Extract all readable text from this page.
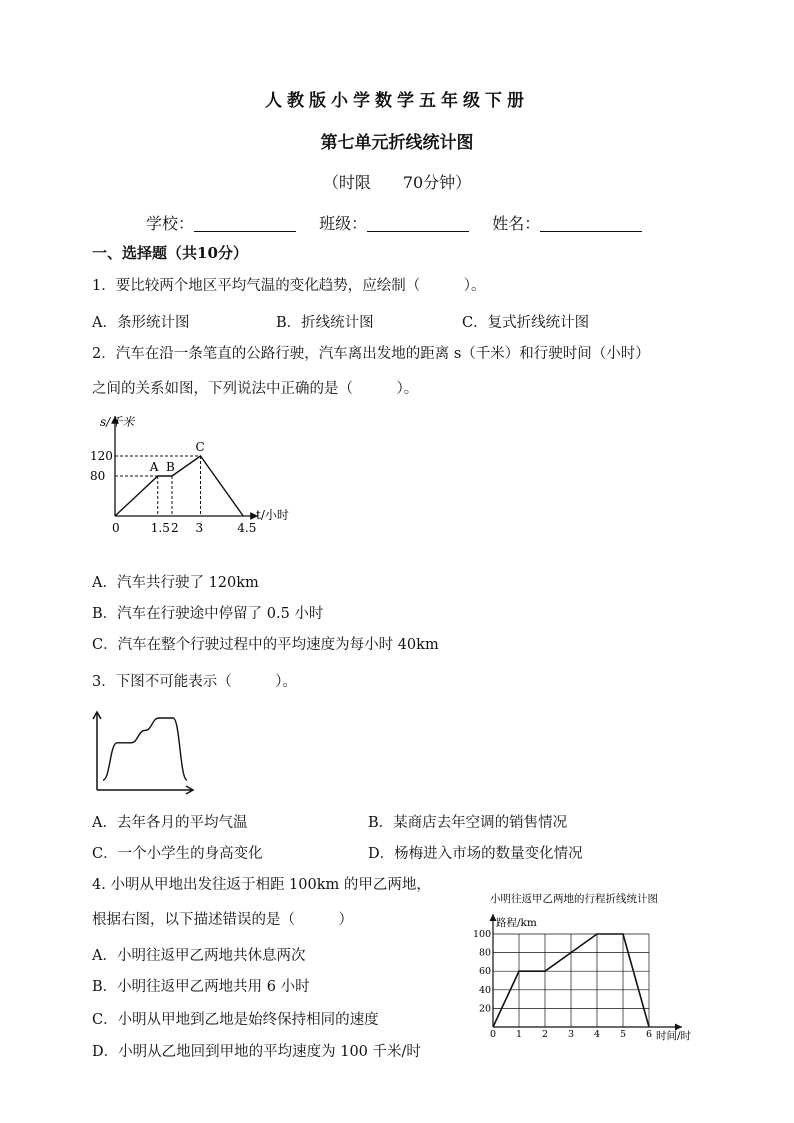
人教版小学数学五年级下册
第七单元折线统计图
（时限　　70分钟）
学校：	班级：	姓名：
一、选择题（共10分）
1．要比较两个地区平均气温的变化趋势，应绘制（　　　）。
A．条形统计图	B．折线统计图	C．复式折线统计图
2．汽车在沿一条笔直的公路行驶，汽车离出发地的距离 s（千米）和行驶时间（小时）
之间的关系如图，下列说法中正确的是（　　　）。
0	1.5 2 3	4.5
80
120
s/千米
t/小时
A B
C
A．汽车共行驶了 120km
B．汽车在行驶途中停留了 0.5 小时
C．汽车在整个行驶过程中的平均速度为每小时 40km
3．下图不可能表示（　　　）。
A．去年各月的平均气温	B．某商店去年空调的销售情况
C．一个小学生的身高变化	D．杨梅进入市场的数量变化情况
4. 小明从甲地出发往返于相距 100km 的甲乙两地，
根据右图，以下描述错误的是（　　　）
A．小明往返甲乙两地共休息两次
B．小明往返甲乙两地共用 6 小时
C．小明从甲地到乙地是始终保持相同的速度
D．小明从乙地回到甲地的平均速度为 100 千米/时
小明往返甲乙两地的行程折线统计图
路程/km
0 1 2 3 4 5 6
20
40
60
80
100
时间/时
